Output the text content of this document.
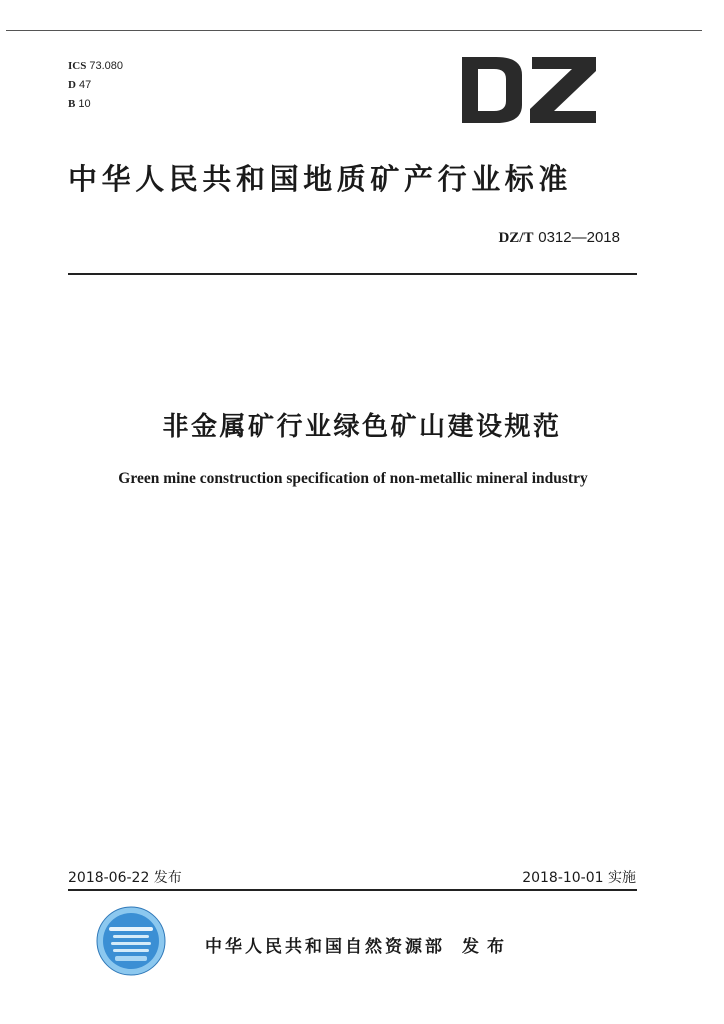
ICS 73.080
D 47
B 10
中华人民共和国地质矿产行业标准
DZ/T 0312—2018
非金属矿行业绿色矿山建设规范
Green mine construction specification of non-metallic mineral industry
2018-06-22 发布	2018-10-01 实施
中华人民共和国自然资源部 发布
